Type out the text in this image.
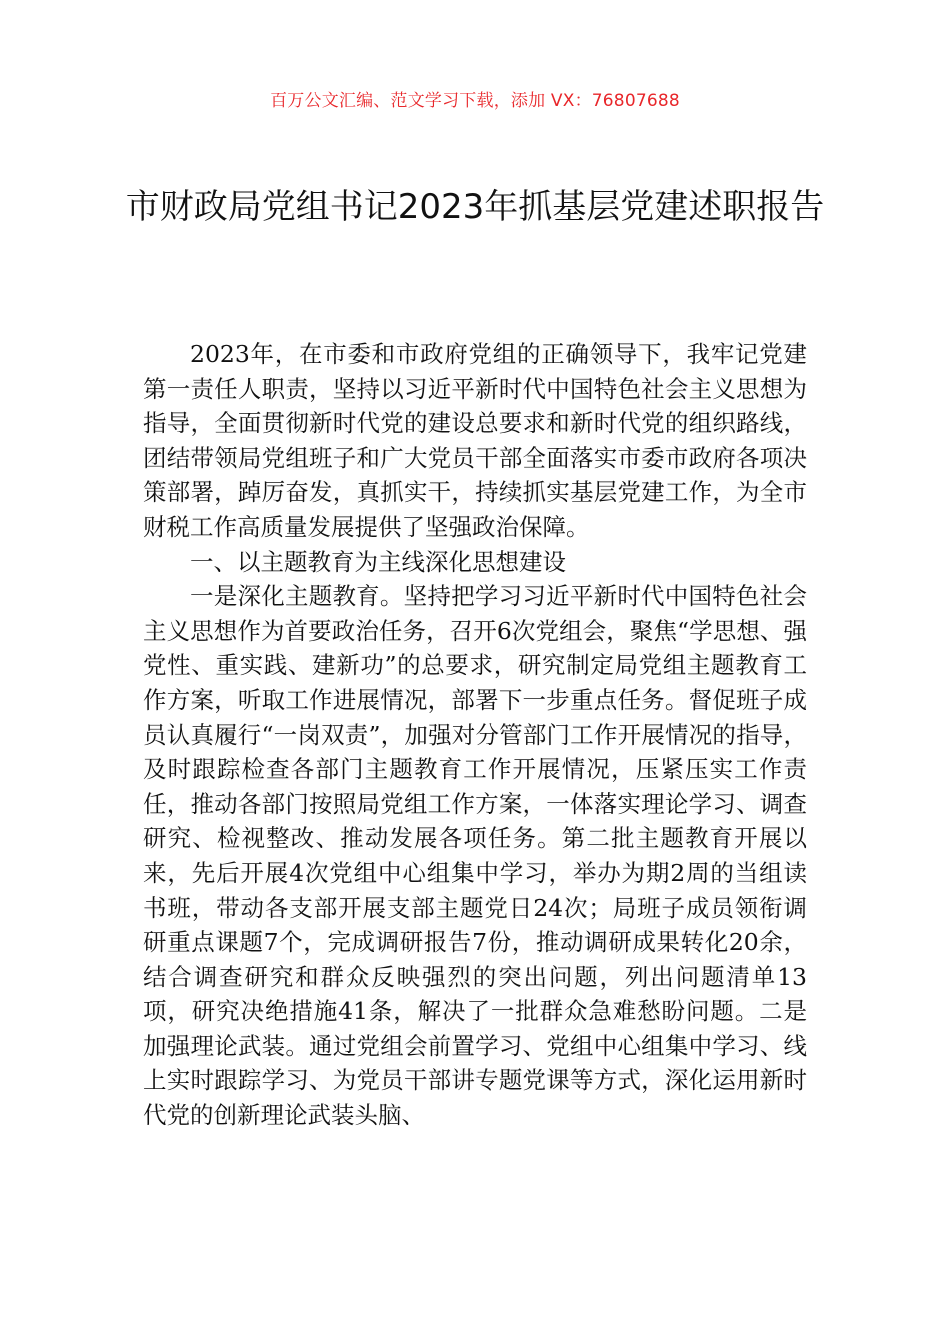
百万公文汇编、范文学习下载，添加 VX：76807688
市财政局党组书记2023年抓基层党建述职报告

2023年，在市委和市政府党组的正确领导下，我牢记党建第一责任人职责，坚持以习近平新时代中国特色社会主义思想为指导，全面贯彻新时代党的建设总要求和新时代党的组织路线，团结带领局党组班子和广大党员干部全面落实市委市政府各项决策部署，踔厉奋发，真抓实干，持续抓实基层党建工作，为全市财税工作高质量发展提供了坚强政治保障。

一、以主题教育为主线深化思想建设

一是深化主题教育。坚持把学习习近平新时代中国特色社会主义思想作为首要政治任务，召开6次党组会，聚焦“学思想、强党性、重实践、建新功”的总要求，研究制定局党组主题教育工作方案，听取工作进展情况，部署下一步重点任务。督促班子成员认真履行“一岗双责”，加强对分管部门工作开展情况的指导，及时跟踪检查各部门主题教育工作开展情况，压紧压实工作责任，推动各部门按照局党组工作方案，一体落实理论学习、调查研究、检视整改、推动发展各项任务。第二批主题教育开展以来，先后开展4次党组中心组集中学习，举办为期2周的当组读书班，带动各支部开展支部主题党日24次；局班子成员领衔调研重点课题7个，完成调研报告7份，推动调研成果转化20余，结合调查研究和群众反映强烈的突出问题，列出问题清单13项，研究决绝措施41条，解决了一批群众急难愁盼问题。二是加强理论武装。通过党组会前置学习、党组中心组集中学习、线上实时跟踪学习、为党员干部讲专题党课等方式，深化运用新时代党的创新理论武装头脑、
